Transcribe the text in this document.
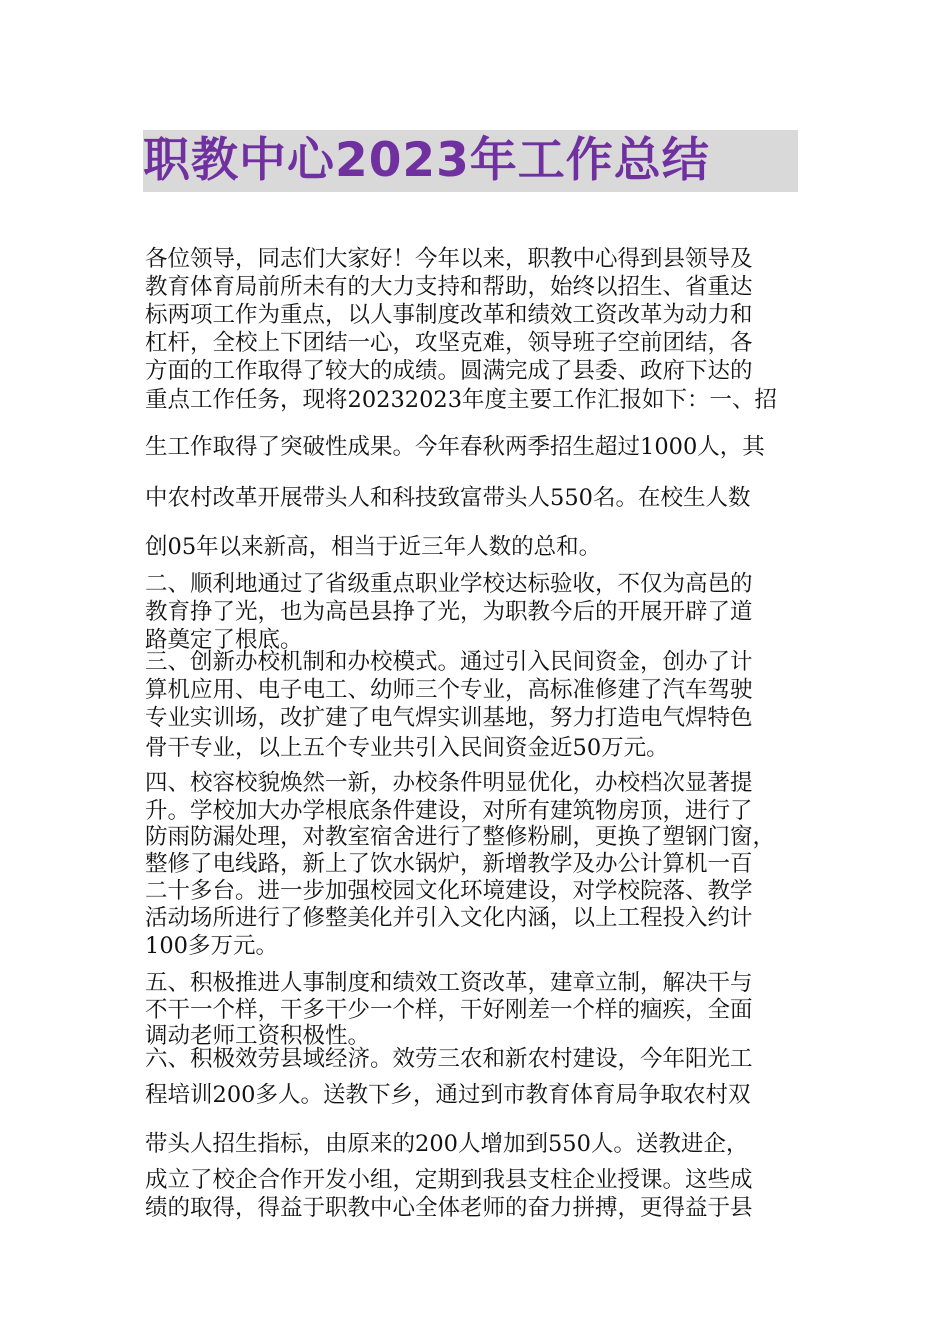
职教中心2023年工作总结
各位领导，同志们大家好！今年以来，职教中心得到县领导及
教育体育局前所未有的大力支持和帮助，始终以招生、省重达
标两项工作为重点，以人事制度改革和绩效工资改革为动力和
杠杆，全校上下团结一心，攻坚克难，领导班子空前团结，各
方面的工作取得了较大的成绩。圆满完成了县委、政府下达的
重点工作任务，现将20232023年度主要工作汇报如下：一、招
生工作取得了突破性成果。今年春秋两季招生超过1000人，其
中农村改革开展带头人和科技致富带头人550名。在校生人数
创05年以来新高，相当于近三年人数的总和。
二、顺利地通过了省级重点职业学校达标验收，不仅为高邑的
教育挣了光，也为高邑县挣了光，为职教今后的开展开辟了道
路奠定了根底。
三、创新办校机制和办校模式。通过引入民间资金，创办了计
算机应用、电子电工、幼师三个专业，高标准修建了汽车驾驶
专业实训场，改扩建了电气焊实训基地，努力打造电气焊特色
骨干专业，以上五个专业共引入民间资金近50万元。
四、校容校貌焕然一新，办校条件明显优化，办校档次显著提
升。学校加大办学根底条件建设，对所有建筑物房顶，进行了
防雨防漏处理，对教室宿舍进行了整修粉刷，更换了塑钢门窗，
整修了电线路，新上了饮水锅炉，新增教学及办公计算机一百
二十多台。进一步加强校园文化环境建设，对学校院落、教学
活动场所进行了修整美化并引入文化内涵，以上工程投入约计
100多万元。
五、积极推进人事制度和绩效工资改革，建章立制，解决干与
不干一个样，干多干少一个样，干好刚差一个样的痼疾，全面
调动老师工资积极性。
六、积极效劳县域经济。效劳三农和新农村建设，今年阳光工
程培训200多人。送教下乡，通过到市教育体育局争取农村双
带头人招生指标，由原来的200人增加到550人。送教进企，
成立了校企合作开发小组，定期到我县支柱企业授课。这些成
绩的取得，得益于职教中心全体老师的奋力拼搏，更得益于县
